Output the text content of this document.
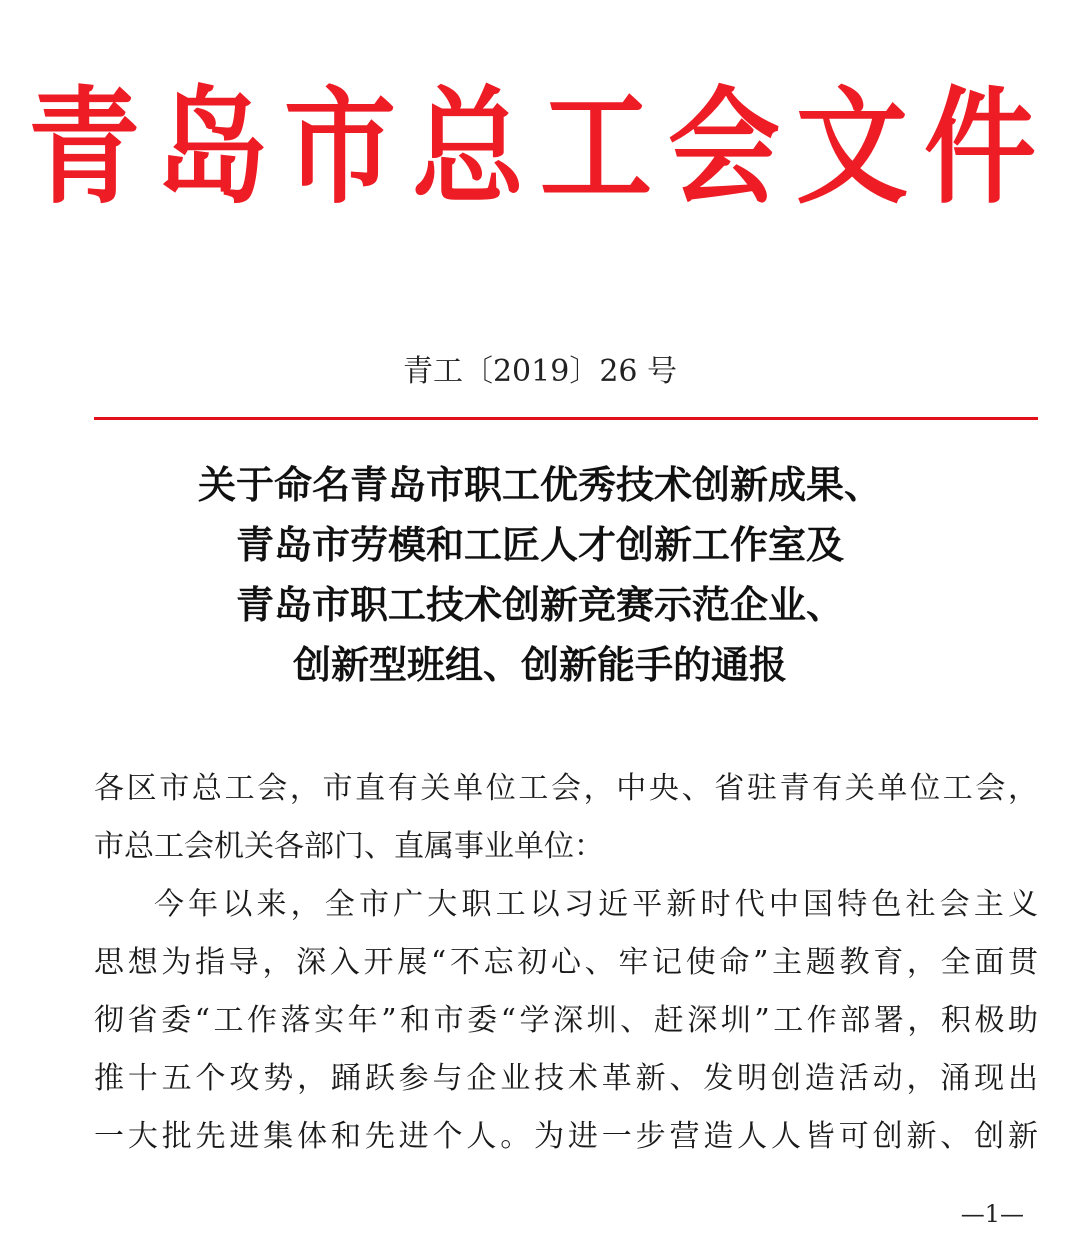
青岛市总工会文件
青工〔2019〕26 号
关于命名青岛市职工优秀技术创新成果、
青岛市劳模和工匠人才创新工作室及
青岛市职工技术创新竞赛示范企业、
创新型班组、创新能手的通报
各区市总工会，市直有关单位工会，中央、省驻青有关单位工会，
市总工会机关各部门、直属事业单位：
今年以来，全市广大职工以习近平新时代中国特色社会主义
思想为指导，深入开展“不忘初心、牢记使命”主题教育，全面贯
彻省委“工作落实年”和市委“学深圳、赶深圳”工作部署，积极助
推十五个攻势，踊跃参与企业技术革新、发明创造活动，涌现出
一大批先进集体和先进个人。为进一步营造人人皆可创新、创新
—1—
